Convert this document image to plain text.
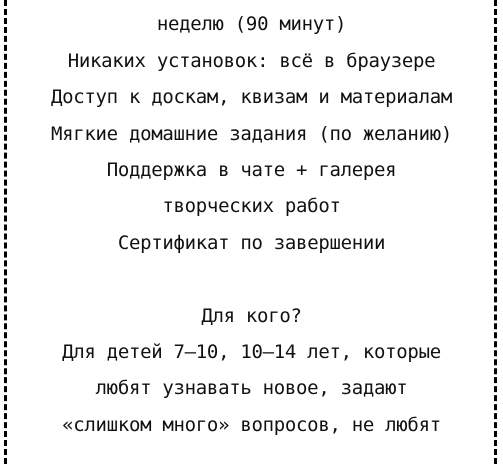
неделю (90 минут)
Никаких установок: всё в браузере
Доступ к доскам, квизам и материалам
Мягкие домашние задания (по желанию)
Поддержка в чате + галерея
творческих работ
Сертификат по завершении
Для кого?
Для детей 7–10, 10–14 лет, которые
любят узнавать новое, задают
«слишком много» вопросов, не любят
